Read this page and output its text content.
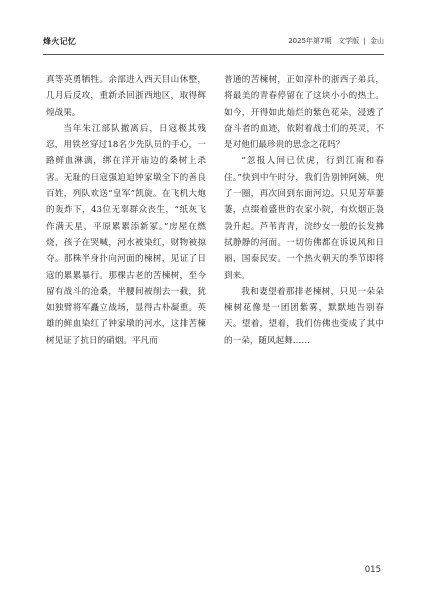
烽火记忆	2025年第7期 文学版 | 金山

真等英勇牺牲。余部进入西天目山休整，几月后反攻，重新杀回浙西地区，取得辉煌战果。

当年朱江部队撤离后，日寇极其残忍，用铁丝穿过18名少先队员的手心，一路鲜血淋漓，绑在洋开庙边的桑树上杀害。无耻的日寇强迫迫钟家墩全下的善良百姓，列队欢送“皇军”凯旋。在飞机大炮的轰炸下，43位无辜群众丧生，“纸灰飞作满天星，平原累累添新冢。”房屋在燃烧，孩子在哭喊，河水被染红，财物被掠夺。那株半身扑向河面的楝树，见证了日寇的累累暴行。那棵古老的苦楝树，至今留有战斗的沧桑，半腰间被削去一截，犹如独臂将军矗立战场，显得古朴凝重。英雄的鲜血染红了钟家墩的河水，这排苦楝树见证了抗日的硝烟。平凡而

普通的苦楝树，正如淳朴的浙西子弟兵，将最美的青春停留在了这块小小的热土。如今，开得如此灿烂的紫色花朵，浸透了奋斗者的血迹，依附着战士们的英灵，不是对他们最珍贵的思念之花吗？

“忽报人间已伏虎，行到江南和春住。”快到中午时分，我们告别钟阿姨，兜了一圈，再次回到东面河边。只见芳草萋萋，点缀着盛世的农家小院，有炊烟正袅袅升起。芦苇青青，浣纱女一般的长发拂拭静静的河面。一切仿佛都在诉说风和日丽，国泰民安。一个热火朝天的季节即将到来。

我和妻望着那排老楝树，只见一朵朵楝树花像是一团团紫雾，默默地告别春天。望着，望着，我们仿佛也变成了其中的一朵，随风起舞……

015
